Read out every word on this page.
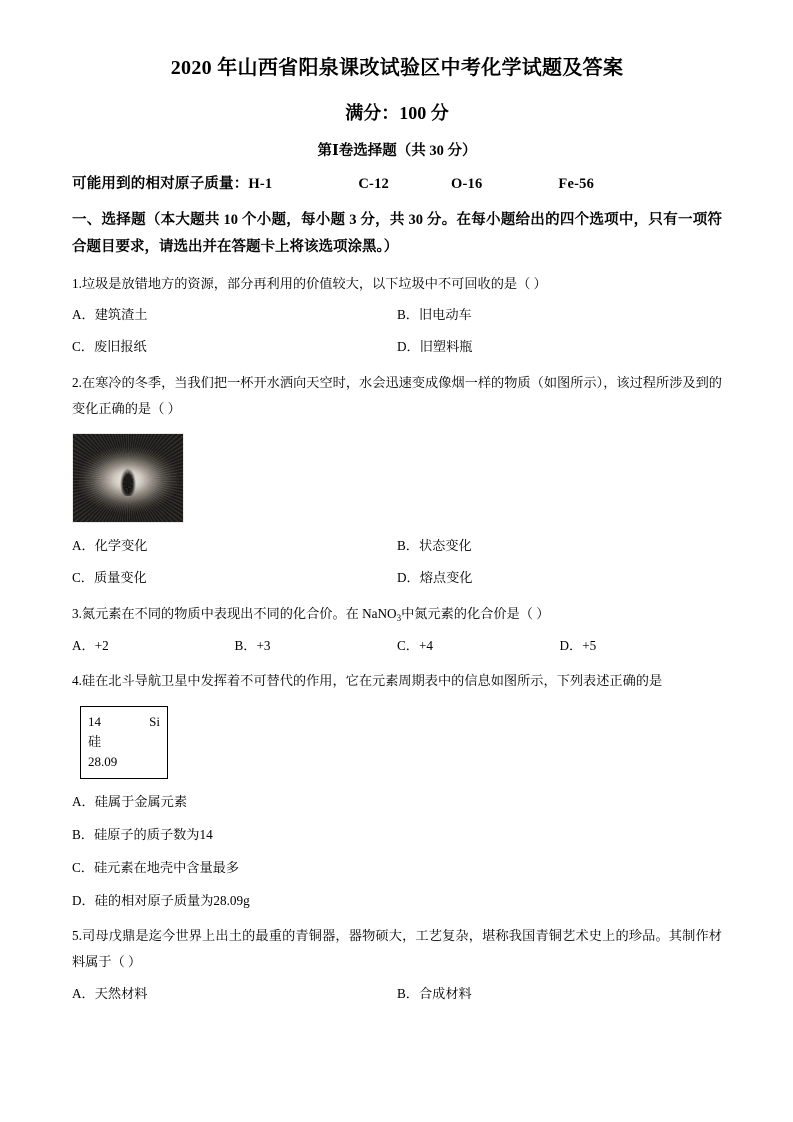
2020 年山西省阳泉课改试验区中考化学试题及答案
满分：100 分
第Ⅰ卷选择题（共 30 分）
可能用到的相对原子质量：H-1	C-12	O-16	Fe-56
一、选择题（本大题共 10 个小题，每小题 3 分，共 30 分。在每小题给出的四个选项中，只有一项符合题目要求，请选出并在答题卡上将该选项涂黑。）
1.垃圾是放错地方的资源，部分再利用的价值较大，以下垃圾中不可回收的是（ ）
A．建筑渣土	B．旧电动车
C．废旧报纸	D．旧塑料瓶
2.在寒冷的冬季，当我们把一杯开水洒向天空时，水会迅速变成像烟一样的物质（如图所示），该过程所涉及到的变化正确的是（ ）
A．化学变化	B．状态变化
C．质量变化	D．熔点变化
3.氮元素在不同的物质中表现出不同的化合价。在 NaNO$_3$中氮元素的化合价是（ ）
A．+2	B．+3	C．+4	D．+5
4.硅在北斗导航卫星中发挥着不可替代的作用，它在元素周期表中的信息如图所示，下列表述正确的是
14	Si
硅
28.09
A．硅属于金属元素
B．硅原子的质子数为14
C．硅元素在地壳中含量最多
D．硅的相对原子质量为28.09g
5.司母戊鼎是迄今世界上出土的最重的青铜器，器物硕大，工艺复杂，堪称我国青铜艺术史上的珍品。其制作材料属于（ ）
A．天然材料	B．合成材料
